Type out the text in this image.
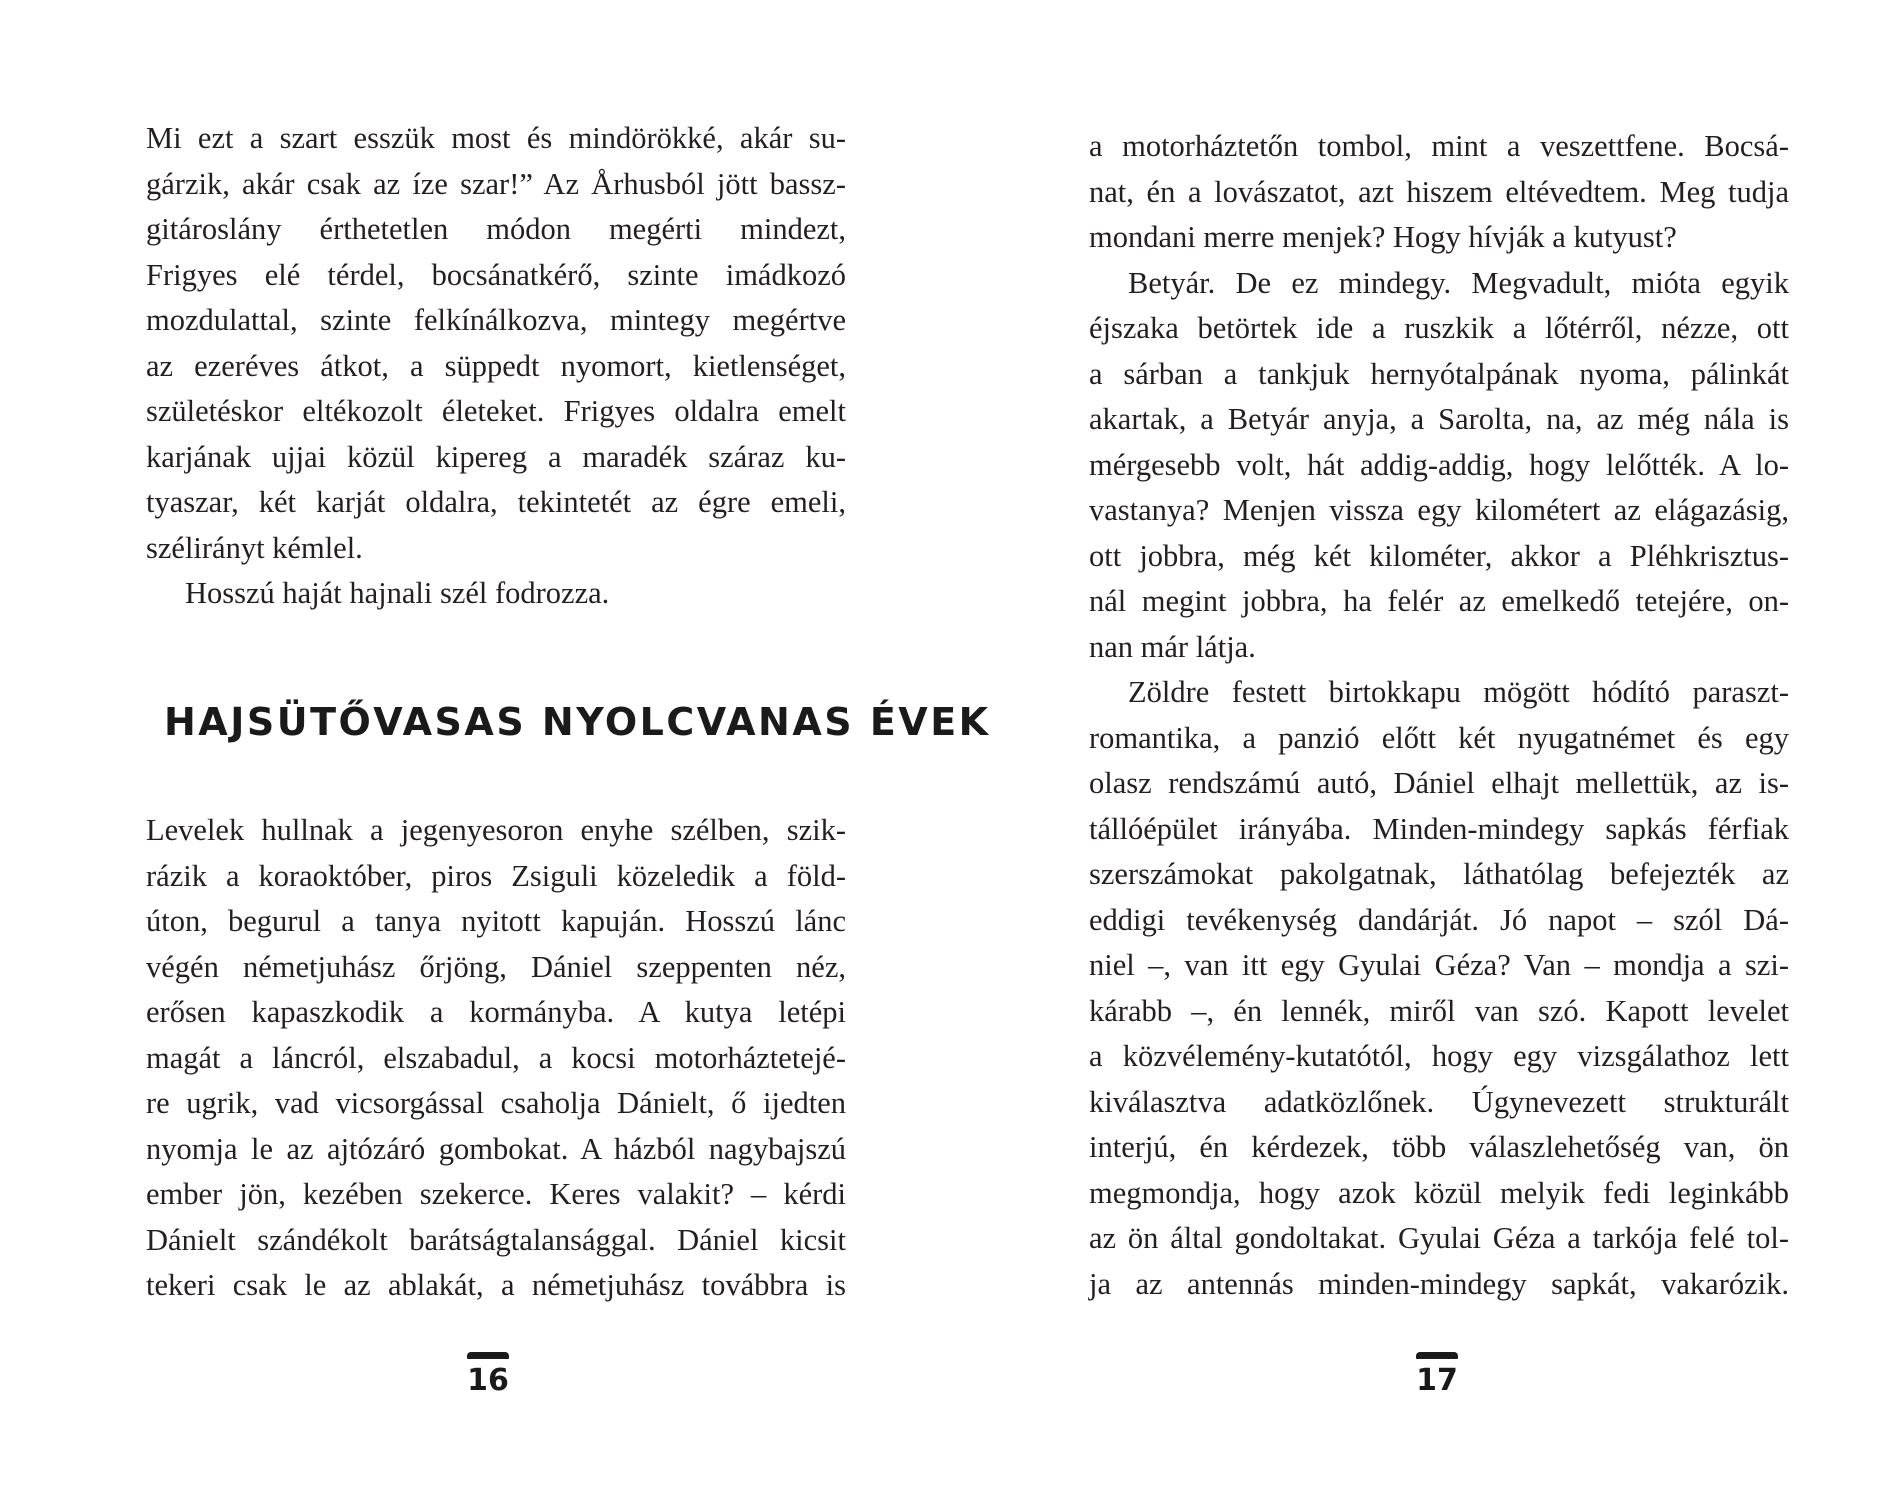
Mi ezt a szart esszük most és mindörökké, akár su-
gárzik, akár csak az íze szar!” Az Århusból jött bassz-
gitároslány érthetetlen módon megérti mindezt,
Frigyes elé térdel, bocsánatkérő, szinte imádkozó
mozdulattal, szinte felkínálkozva, mintegy megértve
az ezeréves átkot, a süppedt nyomort, kietlenséget,
születéskor eltékozolt életeket. Frigyes oldalra emelt
karjának ujjai közül kipereg a maradék száraz ku-
tyaszar, két karját oldalra, tekintetét az égre emeli,
szélirányt kémlel.

Hosszú haját hajnali szél fodrozza.

HAJSÜTŐVASAS NYOLCVANAS ÉVEK

Levelek hullnak a jegenyesoron enyhe szélben, szik-
rázik a koraoktóber, piros Zsiguli közeledik a föld-
úton, begurul a tanya nyitott kapuján. Hosszú lánc
végén németjuhász őrjöng, Dániel szeppenten néz,
erősen kapaszkodik a kormányba. A kutya letépi
magát a láncról, elszabadul, a kocsi motorháztetejé-
re ugrik, vad vicsorgással csaholja Dánielt, ő ijedten
nyomja le az ajtózáró gombokat. A házból nagybajszú
ember jön, kezében szekerce. Keres valakit? – kérdi
Dánielt szándékolt barátságtalansággal. Dániel kicsit
tekeri csak le az ablakát, a németjuhász továbbra is

16

a motorháztetőn tombol, mint a veszettfene. Bocsá-
nat, én a lovászatot, azt hiszem eltévedtem. Meg tudja
mondani merre menjek? Hogy hívják a kutyust?

Betyár. De ez mindegy. Megvadult, mióta egyik

éjszaka betörtek ide a ruszkik a lőtérről, nézze, ott
a sárban a tankjuk hernyótalpának nyoma, pálinkát
akartak, a Betyár anyja, a Sarolta, na, az még nála is
mérgesebb volt, hát addig-addig, hogy lelőtték. A lo-
vastanya? Menjen vissza egy kilométert az elágazásig,
ott jobbra, még két kilométer, akkor a Pléhkrisztus-
nál megint jobbra, ha felér az emelkedő tetejére, on-
nan már látja.

Zöldre festett birtokkapu mögött hódító paraszt-

romantika, a panzió előtt két nyugatnémet és egy
olasz rendszámú autó, Dániel elhajt mellettük, az is-
tállóépület irányába. Minden-mindegy sapkás férfiak
szerszámokat pakolgatnak, láthatólag befejezték az
eddigi tevékenység dandárját. Jó napot – szól Dá-
niel –, van itt egy Gyulai Géza? Van – mondja a szi-
kárabb –, én lennék, miről van szó. Kapott levelet
a közvélemény-kutatótól, hogy egy vizsgálathoz lett
kiválasztva adatközlőnek. Úgynevezett strukturált
interjú, én kérdezek, több válaszlehetőség van, ön
megmondja, hogy azok közül melyik fedi leginkább
az ön által gondoltakat. Gyulai Géza a tarkója felé tol-
ja az antennás minden-mindegy sapkát, vakarózik.

17
